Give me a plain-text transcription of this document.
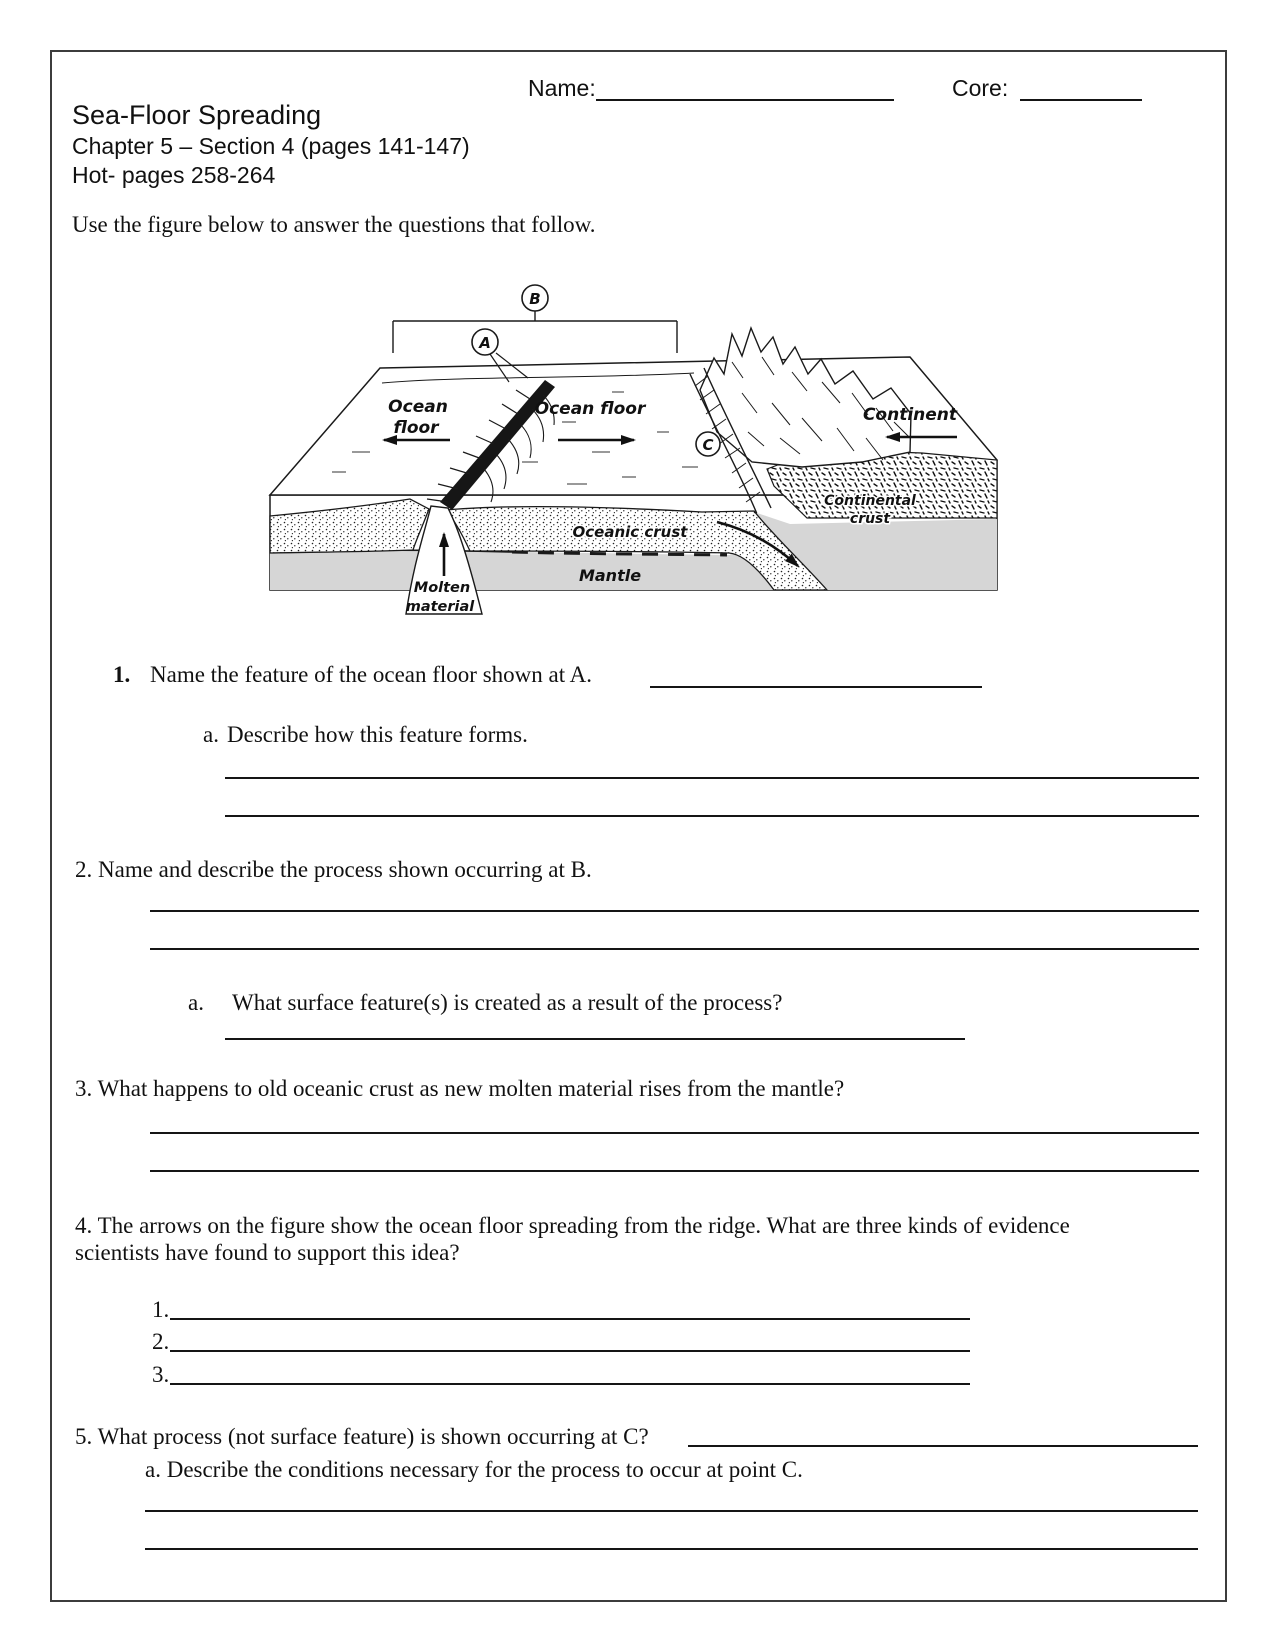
Name:	Core:
Sea-Floor Spreading
Chapter 5 – Section 4 (pages 141-147)
Hot- pages 258-264
Use the figure below to answer the questions that follow.
B
A
C
Ocean
floor
Ocean floor	Continent
Continental
crust
Oceanic crust
Mantle
Molten
material
1. Name the feature of the ocean floor shown at A.
a. Describe how this feature forms.
2. Name and describe the process shown occurring at B.
a. What surface feature(s) is created as a result of the process?
3. What happens to old oceanic crust as new molten material rises from the mantle?
4. The arrows on the figure show the ocean floor spreading from the ridge. What are three kinds of evidence scientists have found to support this idea?
1.
2.
3.
5. What process (not surface feature) is shown occurring at C?
a. Describe the conditions necessary for the process to occur at point C.
